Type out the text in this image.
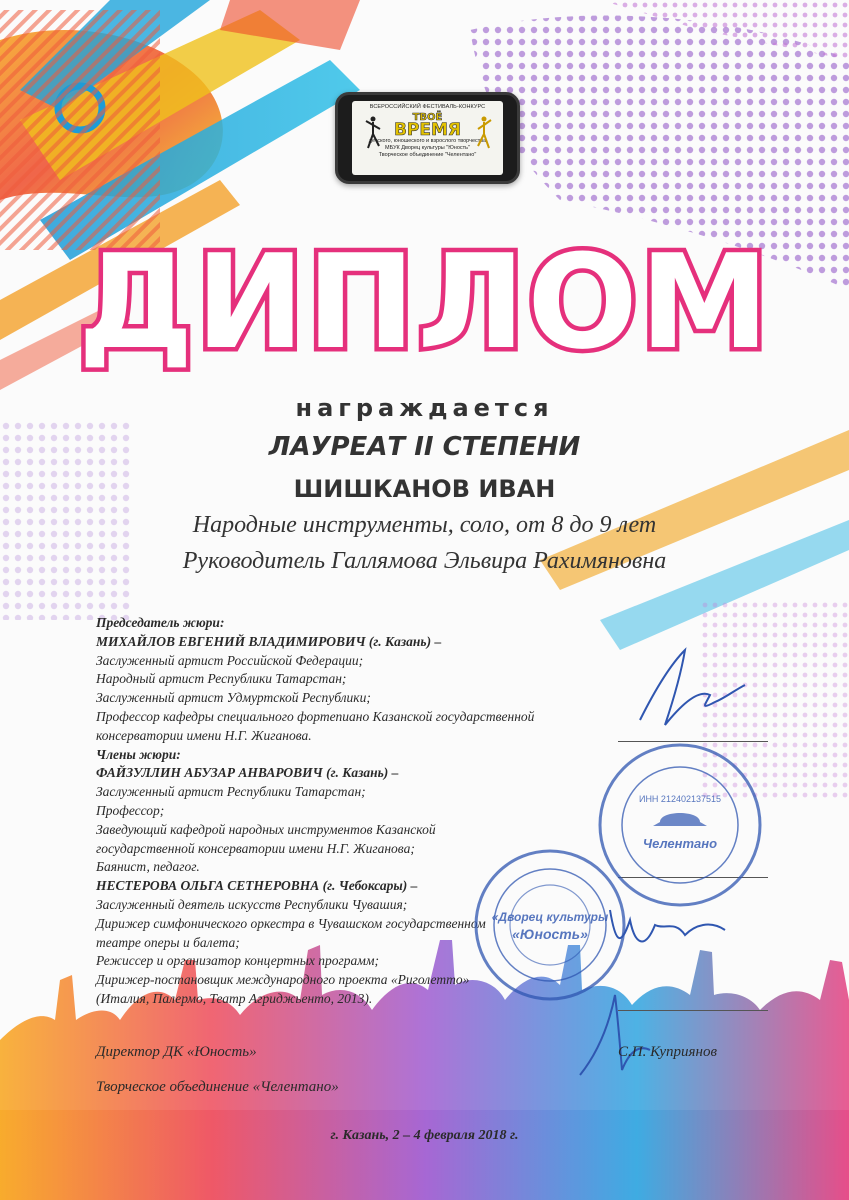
ВСЕРОССИЙСКИЙ ФЕСТИВАЛЬ-КОНКУРС
ТВОЁ
ВРЕМЯ
детского, юношеского и взрослого творчества
МБУК Дворец культуры "Юность"
Творческое объединение "Челентано"
ДИПЛОМ
награждается
ЛАУРЕАТ II СТЕПЕНИ
ШИШКАНОВ ИВАН
Народные инструменты, соло, от 8 до 9 лет
Руководитель Галлямова Эльвира Рахимяновна
Председатель жюри:
МИХАЙЛОВ ЕВГЕНИЙ ВЛАДИМИРОВИЧ (г. Казань) –
Заслуженный артист Российской Федерации;
Народный артист Республики Татарстан;
Заслуженный артист Удмуртской Республики;
Профессор кафедры специального фортепиано Казанской государственной
консерватории имени Н.Г. Жиганова.
Члены жюри:
ФАЙЗУЛЛИН АБУЗАР АНВАРОВИЧ (г. Казань) –
Заслуженный артист Республики Татарстан;
Профессор;
Заведующий кафедрой народных инструментов Казанской
государственной консерватории имени Н.Г. Жиганова;
Баянист, педагог.
НЕСТЕРОВА ОЛЬГА СЕТНЕРОВНА (г. Чебоксары) –
Заслуженный деятель искусств Республики Чувашия;
Дирижер симфонического оркестра в Чувашском государственном
театре оперы и балета;
Режиссер и организатор концертных программ;
Дирижер-постановщик международного проекта «Риголетто»
(Италия, Палермо, Театр Агриджьенто, 2013).
«Дворец культуры
«Юность»
ИНН 212402137515
Челентано
Директор ДК «Юность»	С.П. Куприянов
Творческое объединение «Челентано»
г. Казань, 2 – 4 февраля 2018 г.
